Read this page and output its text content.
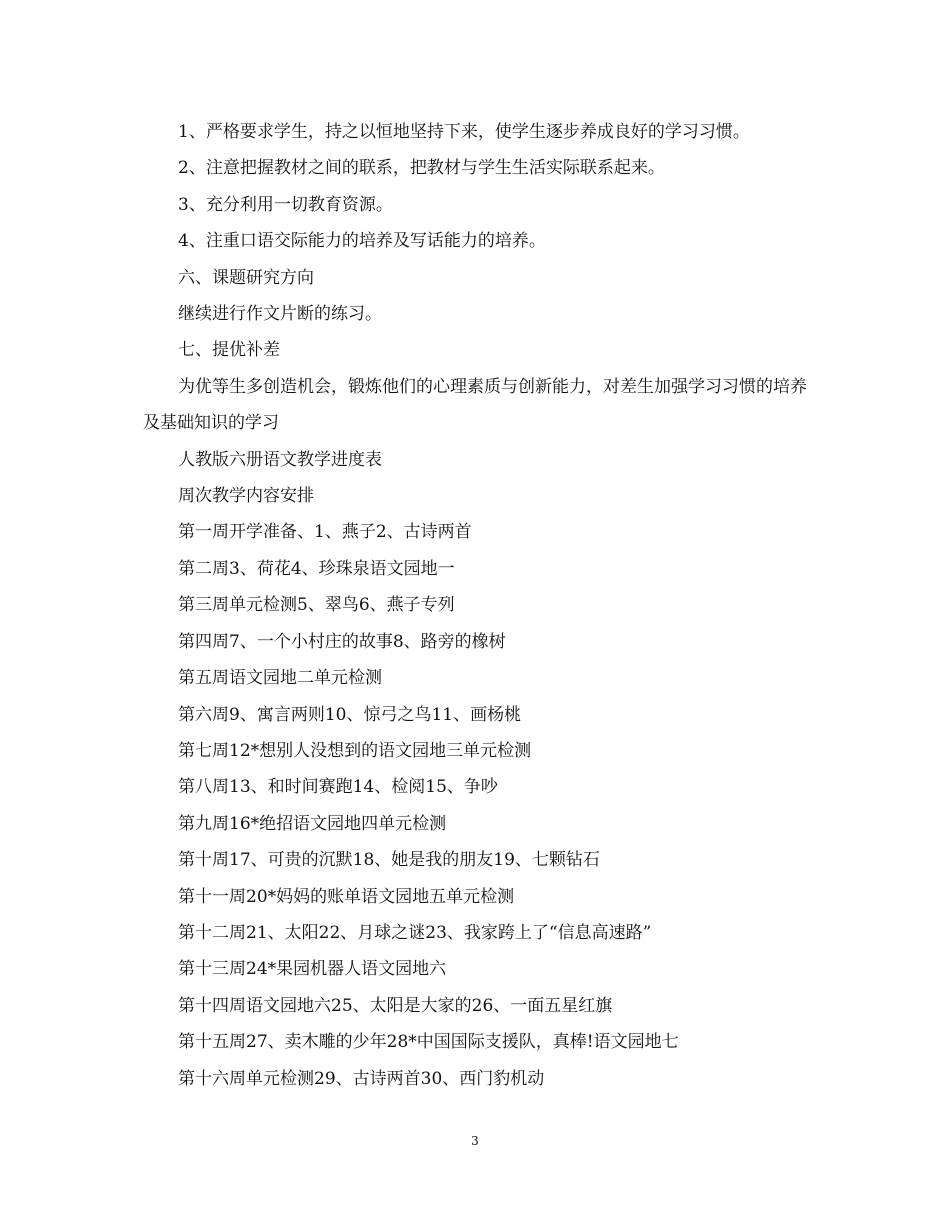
1、严格要求学生，持之以恒地坚持下来，使学生逐步养成良好的学习习惯。

2、注意把握教材之间的联系，把教材与学生生活实际联系起来。

3、充分利用一切教育资源。

4、注重口语交际能力的培养及写话能力的培养。

六、课题研究方向

继续进行作文片断的练习。

七、提优补差

为优等生多创造机会，锻炼他们的心理素质与创新能力，对差生加强学习习惯的培养及基础知识的学习

人教版六册语文教学进度表

周次教学内容安排

第一周开学准备、1、燕子2、古诗两首

第二周3、荷花4、珍珠泉语文园地一

第三周单元检测5、翠鸟6、燕子专列

第四周7、一个小村庄的故事8、路旁的橡树

第五周语文园地二单元检测

第六周9、寓言两则10、惊弓之鸟11、画杨桃

第七周12*想别人没想到的语文园地三单元检测

第八周13、和时间赛跑14、检阅15、争吵

第九周16*绝招语文园地四单元检测

第十周17、可贵的沉默18、她是我的朋友19、七颗钻石

第十一周20*妈妈的账单语文园地五单元检测

第十二周21、太阳22、月球之谜23、我家跨上了“信息高速路”

第十三周24*果园机器人语文园地六

第十四周语文园地六25、太阳是大家的26、一面五星红旗

第十五周27、卖木雕的少年28*中国国际支援队，真棒!语文园地七

第十六周单元检测29、古诗两首30、西门豹机动

3
